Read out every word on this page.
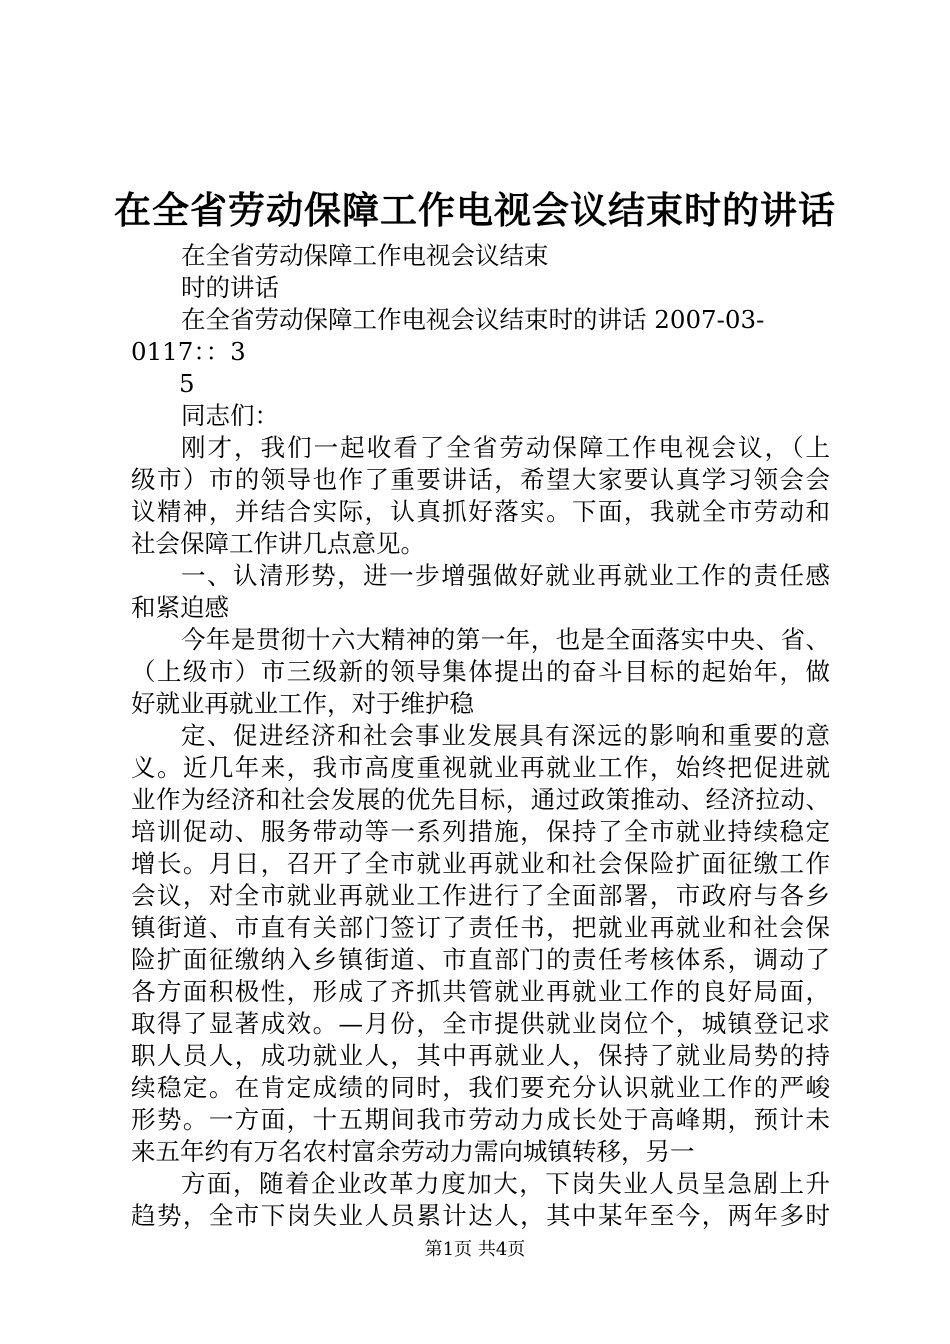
在全省劳动保障工作电视会议结束时的讲话
在全省劳动保障工作电视会议结束
时的讲话
在全省劳动保障工作电视会议结束时的讲话 2007-03-
0117：：3
5
同志们：
刚才，我们一起收看了全省劳动保障工作电视会议，（上
级市）市的领导也作了重要讲话，希望大家要认真学习领会会
议精神，并结合实际，认真抓好落实。下面，我就全市劳动和
社会保障工作讲几点意见。
一、认清形势，进一步增强做好就业再就业工作的责任感
和紧迫感
今年是贯彻十六大精神的第一年，也是全面落实中央、省、
（上级市）市三级新的领导集体提出的奋斗目标的起始年，做
好就业再就业工作，对于维护稳
定、促进经济和社会事业发展具有深远的影响和重要的意
义。近几年来，我市高度重视就业再就业工作，始终把促进就
业作为经济和社会发展的优先目标，通过政策推动、经济拉动、
培训促动、服务带动等一系列措施，保持了全市就业持续稳定
增长。月日，召开了全市就业再就业和社会保险扩面征缴工作
会议，对全市就业再就业工作进行了全面部署，市政府与各乡
镇街道、市直有关部门签订了责任书，把就业再就业和社会保
险扩面征缴纳入乡镇街道、市直部门的责任考核体系，调动了
各方面积极性，形成了齐抓共管就业再就业工作的良好局面，
取得了显著成效。—月份，全市提供就业岗位个，城镇登记求
职人员人，成功就业人，其中再就业人，保持了就业局势的持
续稳定。在肯定成绩的同时，我们要充分认识就业工作的严峻
形势。一方面，十五期间我市劳动力成长处于高峰期，预计未
来五年约有万名农村富余劳动力需向城镇转移，另一
方面，随着企业改革力度加大，下岗失业人员呈急剧上升
趋势，全市下岗失业人员累计达人，其中某年至今，两年多时
第1页 共4页
